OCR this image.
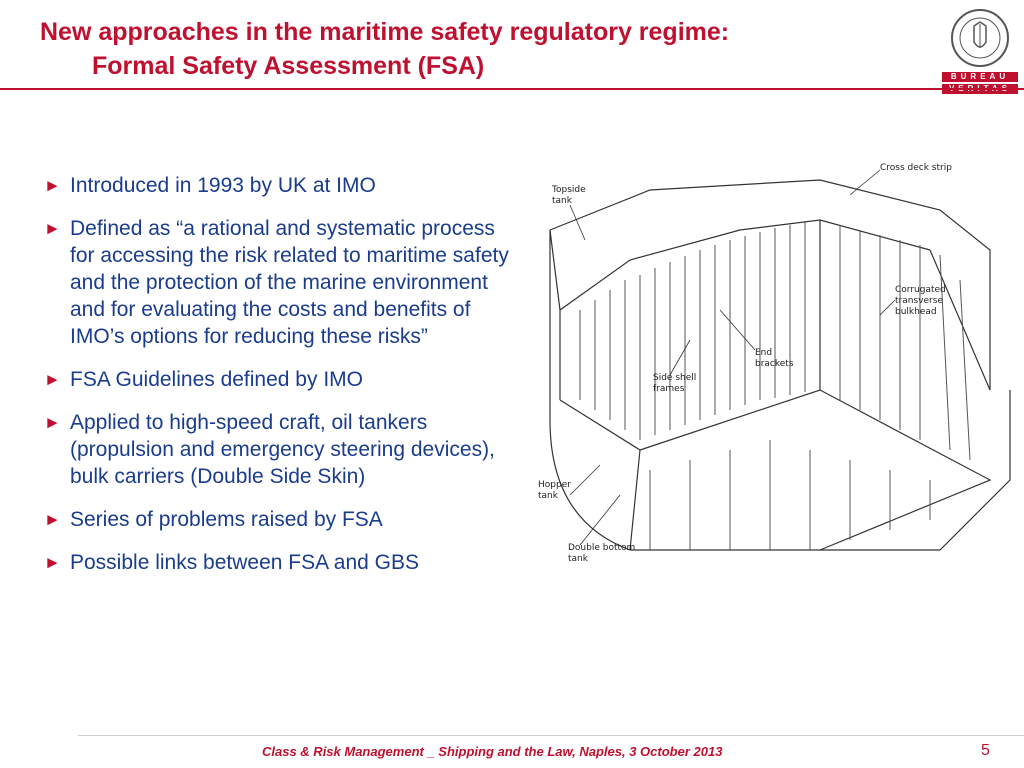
New approaches in the maritime safety regulatory regime:
Formal Safety Assessment (FSA)	BUREAU
► Introduced in 1993 by UK at IMO
► Defined as “a rational and systematic process for accessing the risk related to maritime safety and the protection of the marine environment and for evaluating the costs and benefits of IMO’s options for reducing these risks”
► FSA Guidelines defined by IMO
► Applied to high-speed craft, oil tankers (propulsion and emergency steering devices), bulk carriers (Double Side Skin)
► Series of problems raised by FSA
► Possible links between FSA and GBS
Topside
tank
Cross deck strip
Corrugated
transverse
bulkhead
End
brackets
Side shell
frames
Hopper
tank
Double bottom
tank
Class & Risk Management _ Shipping and the Law, Naples, 3 October 2013	5
